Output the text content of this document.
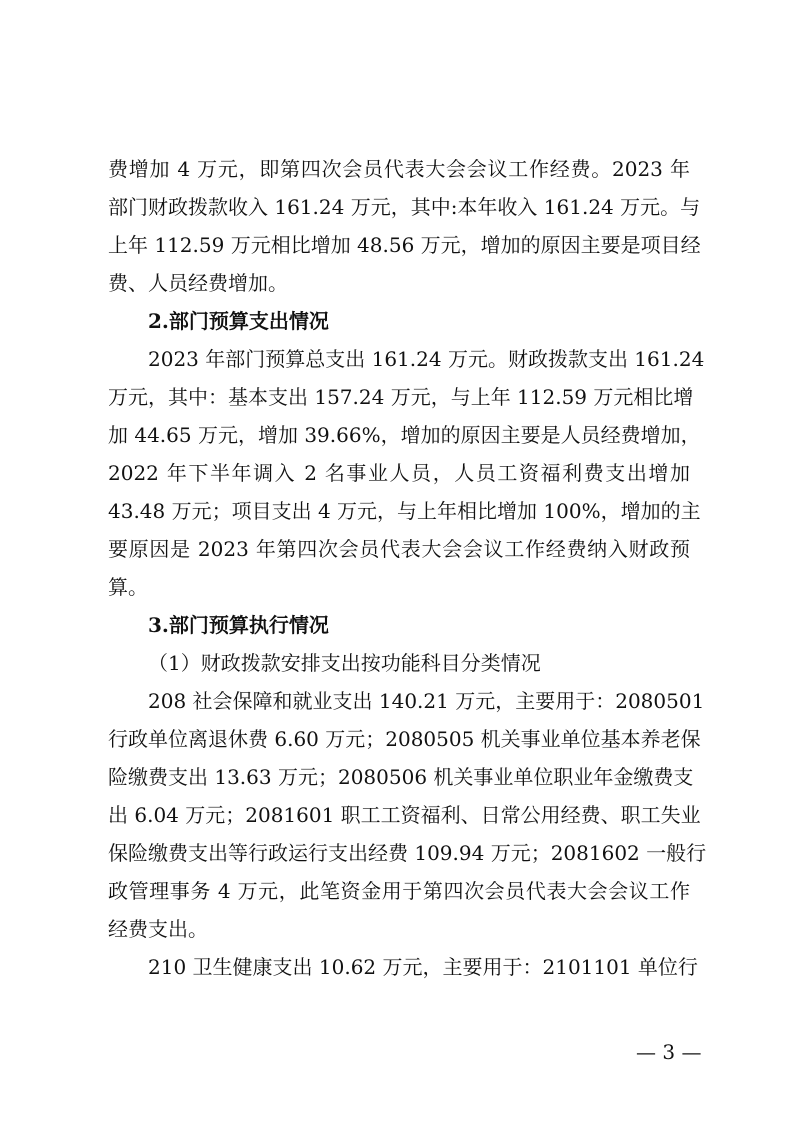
费增加 4 万元，即第四次会员代表大会会议工作经费。2023 年
部门财政拨款收入 161.24 万元，其中:本年收入 161.24 万元。与
上年 112.59 万元相比增加 48.56 万元，增加的原因主要是项目经
费、人员经费增加。
2.部门预算支出情况
2023 年部门预算总支出 161.24 万元。财政拨款支出 161.24
万元，其中：基本支出 157.24 万元，与上年 112.59 万元相比增
加 44.65 万元，增加 39.66%，增加的原因主要是人员经费增加，
2022 年下半年调入 2 名事业人员，人员工资福利费支出增加
43.48 万元；项目支出 4 万元，与上年相比增加 100%，增加的主
要原因是 2023 年第四次会员代表大会会议工作经费纳入财政预
算。
3.部门预算执行情况
（1）财政拨款安排支出按功能科目分类情况
208 社会保障和就业支出 140.21 万元，主要用于：2080501
行政单位离退休费 6.60 万元；2080505 机关事业单位基本养老保
险缴费支出 13.63 万元；2080506 机关事业单位职业年金缴费支
出 6.04 万元；2081601 职工工资福利、日常公用经费、职工失业
保险缴费支出等行政运行支出经费 109.94 万元；2081602 一般行
政管理事务 4 万元，此笔资金用于第四次会员代表大会会议工作
经费支出。
210 卫生健康支出 10.62 万元，主要用于：2101101 单位行
— 3 —
